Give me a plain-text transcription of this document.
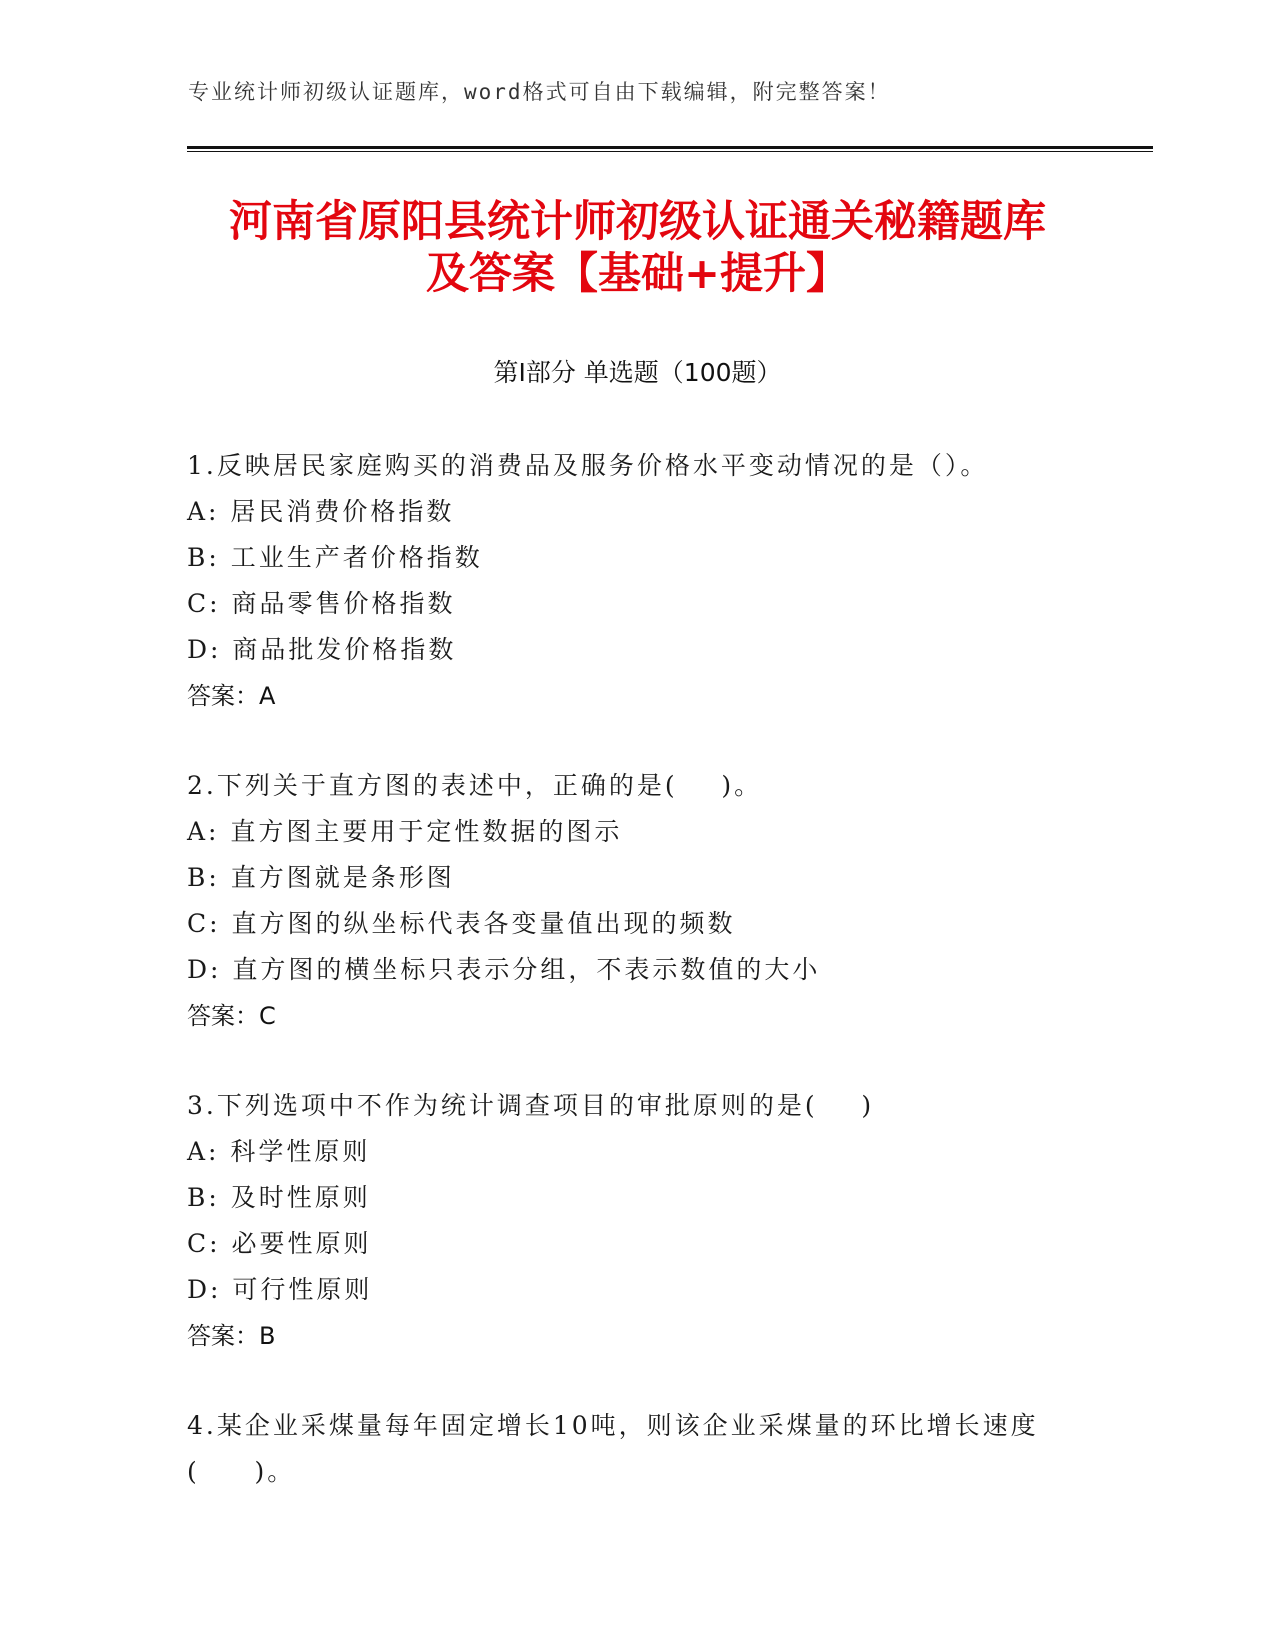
专业统计师初级认证题库，word格式可自由下载编辑，附完整答案！
河南省原阳县统计师初级认证通关秘籍题库
及答案【基础+提升】
第Ⅰ部分 单选题（100题）
1.反映居民家庭购买的消费品及服务价格水平变动情况的是（）。
A: 居民消费价格指数
B: 工业生产者价格指数
C: 商品零售价格指数
D: 商品批发价格指数
答案：A
2.下列关于直方图的表述中，正确的是(    )。
A: 直方图主要用于定性数据的图示
B: 直方图就是条形图
C: 直方图的纵坐标代表各变量值出现的频数
D: 直方图的横坐标只表示分组，不表示数值的大小
答案：C
3.下列选项中不作为统计调查项目的审批原则的是(    )
A: 科学性原则
B: 及时性原则
C: 必要性原则
D: 可行性原则
答案：B
4.某企业采煤量每年固定增长10吨，则该企业采煤量的环比增长速度
(     )。
